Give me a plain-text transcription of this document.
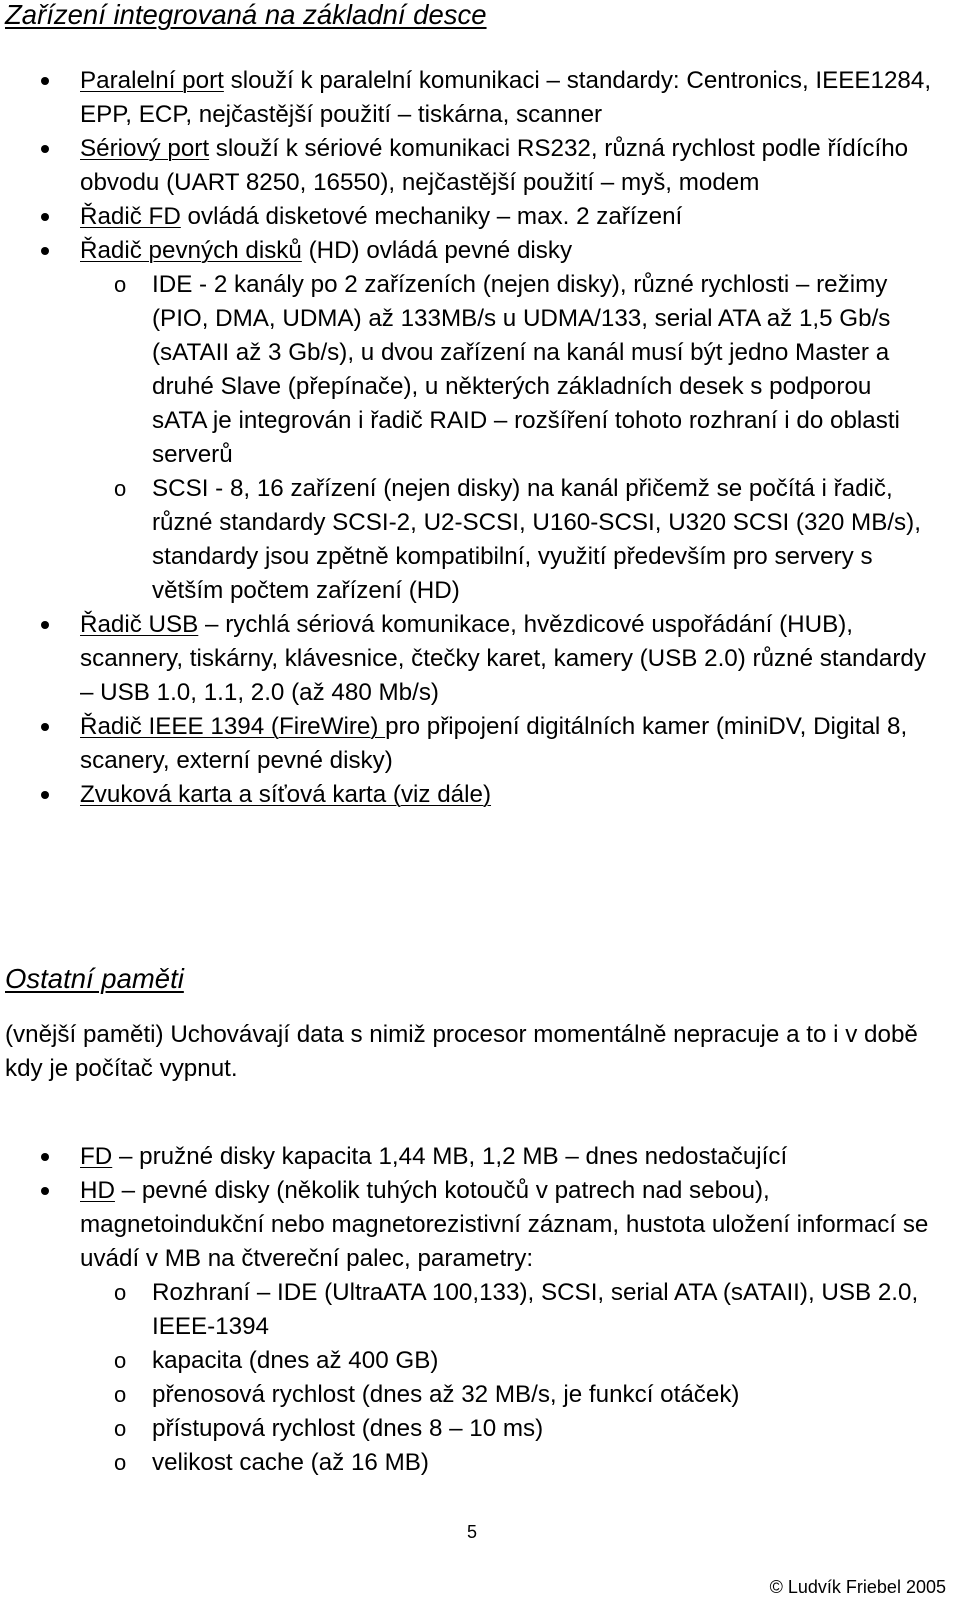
Zařízení integrovaná na základní desce
Paralelní port slouží k paralelní komunikaci – standardy: Centronics, IEEE1284, EPP, ECP, nejčastější použití – tiskárna, scanner
Sériový port slouží k sériové komunikaci RS232, různá rychlost podle řídícího obvodu (UART 8250, 16550), nejčastější použití – myš, modem
Řadič FD ovládá disketové mechaniky – max. 2 zařízení
Řadič pevných disků (HD) ovládá pevné disky
o	IDE - 2 kanály po 2 zařízeních (nejen disky), různé rychlosti – režimy (PIO, DMA, UDMA) až 133MB/s u UDMA/133, serial ATA až 1,5 Gb/s (sATAII až 3 Gb/s), u dvou zařízení na kanál musí být jedno Master a druhé Slave (přepínače), u některých základních desek s podporou sATA je integrován i řadič RAID – rozšíření tohoto rozhraní i do oblasti serverů
o	SCSI - 8, 16 zařízení (nejen disky) na kanál přičemž se počítá i řadič, různé standardy SCSI-2, U2-SCSI, U160-SCSI, U320 SCSI (320 MB/s), standardy jsou zpětně kompatibilní, využití především pro servery s větším počtem zařízení (HD)
Řadič USB – rychlá sériová komunikace, hvězdicové uspořádání (HUB), scannery, tiskárny, klávesnice, čtečky karet, kamery (USB 2.0) různé standardy – USB 1.0, 1.1, 2.0 (až 480 Mb/s)
Řadič IEEE 1394 (FireWire) pro připojení digitálních kamer (miniDV, Digital 8, scanery, externí pevné disky)
Zvuková karta a síťová karta (viz dále)
Ostatní paměti

(vnější paměti) Uchovávají data s nimiž procesor momentálně nepracuje a to i v době kdy je počítač vypnut.

FD – pružné disky kapacita 1,44 MB, 1,2 MB – dnes nedostačující
HD – pevné disky (několik tuhých kotoučů v patrech nad sebou), magnetoindukční nebo magnetorezistivní záznam, hustota uložení informací se uvádí v MB na čtvereční palec, parametry:
o	Rozhraní – IDE (UltraATA 100,133), SCSI, serial ATA (sATAII), USB 2.0, IEEE-1394
o	kapacita (dnes až 400 GB)
o	přenosová rychlost (dnes až 32 MB/s, je funkcí otáček)
o	přístupová rychlost (dnes 8 – 10 ms)
o	velikost cache (až 16 MB)
5
© Ludvík Friebel 2005
